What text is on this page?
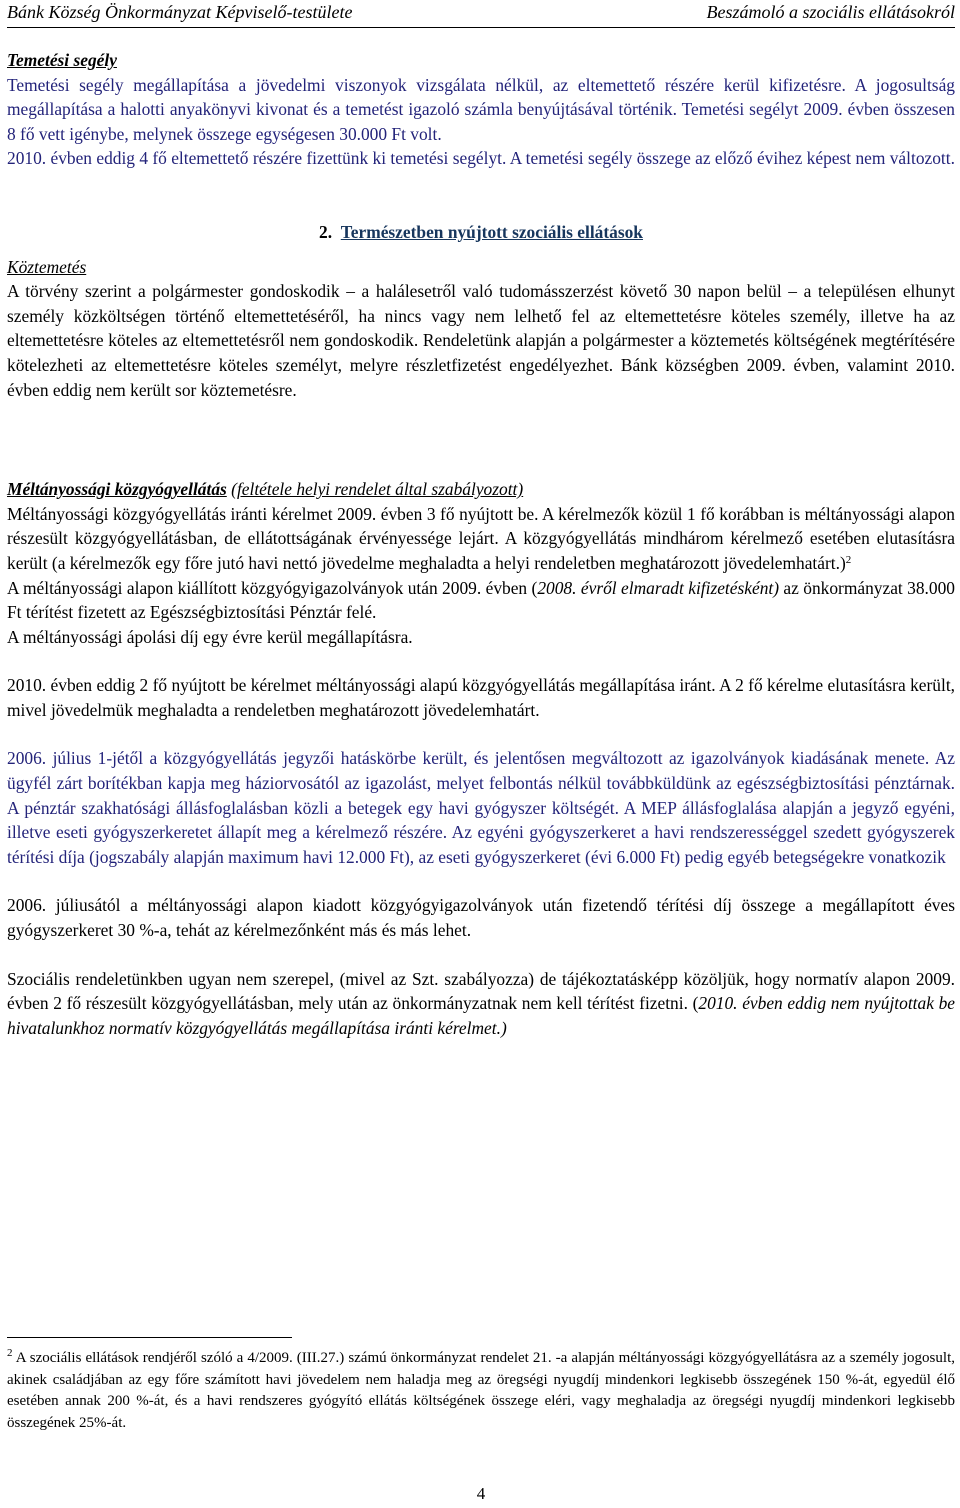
Bánk Község Önkormányzat Képviselő-testülete	Beszámoló a szociális ellátásokról

Temetési segély

Temetési segély megállapítása a jövedelmi viszonyok vizsgálata nélkül, az eltemettető részére kerül kifizetésre. A jogosultság megállapítása a halotti anyakönyvi kivonat és a temetést igazoló számla benyújtásával történik. Temetési segélyt 2009. évben összesen 8 fő vett igénybe, melynek összege egységesen 30.000 Ft volt.

2010. évben eddig 4 fő eltemettető részére fizettünk ki temetési segélyt. A temetési segély összege az előző évihez képest nem változott.

2. Természetben nyújtott szociális ellátások

Köztemetés

A törvény szerint a polgármester gondoskodik – a halálesetről való tudomásszerzést követő 30 napon belül – a településen elhunyt személy közköltségen történő eltemettetéséről, ha nincs vagy nem lelhető fel az eltemettetésre köteles személy, illetve ha az eltemettetésre köteles az eltemettetésről nem gondoskodik. Rendeletünk alapján a polgármester a köztemetés költségének megtérítésére kötelezheti az eltemettetésre köteles személyt, melyre részletfizetést engedélyezhet. Bánk községben 2009. évben, valamint 2010. évben eddig nem került sor köztemetésre.

Méltányossági közgyógyellátás (feltétele helyi rendelet által szabályozott)

Méltányossági közgyógyellátás iránti kérelmet 2009. évben 3 fő nyújtott be. A kérelmezők közül 1 fő korábban is méltányossági alapon részesült közgyógyellátásban, de ellátottságának érvényessége lejárt. A közgyógyellátás mindhárom kérelmező esetében elutasításra került (a kérelmezők egy főre jutó havi nettó jövedelme meghaladta a helyi rendeletben meghatározott jövedelemhatárt.)$^2$

A méltányossági alapon kiállított közgyógyigazolványok után 2009. évben (2008. évről elmaradt kifizetésként) az önkormányzat 38.000 Ft térítést fizetett az Egészségbiztosítási Pénztár felé.

A méltányossági ápolási díj egy évre kerül megállapításra.

2010. évben eddig 2 fő nyújtott be kérelmet méltányossági alapú közgyógyellátás megállapítása iránt. A 2 fő kérelme elutasításra került, mivel jövedelmük meghaladta a rendeletben meghatározott jövedelemhatárt.

2006. július 1-jétől a közgyógyellátás jegyzői hatáskörbe került, és jelentősen megváltozott az igazolványok kiadásának menete. Az ügyfél zárt borítékban kapja meg háziorvosától az igazolást, melyet felbontás nélkül továbbküldünk az egészségbiztosítási pénztárnak. A pénztár szakhatósági állásfoglalásban közli a betegek egy havi gyógyszer költségét. A MEP állásfoglalása alapján a jegyző egyéni, illetve eseti gyógyszerkeretet állapít meg a kérelmező részére. Az egyéni gyógyszerkeret a havi rendszerességgel szedett gyógyszerek térítési díja (jogszabály alapján maximum havi 12.000 Ft), az eseti gyógyszerkeret (évi 6.000 Ft) pedig egyéb betegségekre vonatkozik

2006. júliusától a méltányossági alapon kiadott közgyógyigazolványok után fizetendő térítési díj összege a megállapított éves gyógyszerkeret 30 %-a, tehát az kérelmezőnként más és más lehet.

Szociális rendeletünkben ugyan nem szerepel, (mivel az Szt. szabályozza) de tájékoztatásképp közöljük, hogy normatív alapon 2009. évben 2 fő részesült közgyógyellátásban, mely után az önkormányzatnak nem kell térítést fizetni. (2010. évben eddig nem nyújtottak be hivatalunkhoz normatív közgyógyellátás megállapítása iránti kérelmet.)

$^2$ A szociális ellátások rendjéről szóló a 4/2009. (III.27.) számú önkormányzat rendelet 21. -a alapján méltányossági közgyógyellátásra az a személy jogosult, akinek családjában az egy főre számított havi jövedelem nem haladja meg az öregségi nyugdíj mindenkori legkisebb összegének 150 %-át, egyedül élő esetében annak 200 %-át, és a havi rendszeres gyógyító ellátás költségének összege eléri, vagy meghaladja az öregségi nyugdíj mindenkori legkisebb összegének 25%-át.

4
